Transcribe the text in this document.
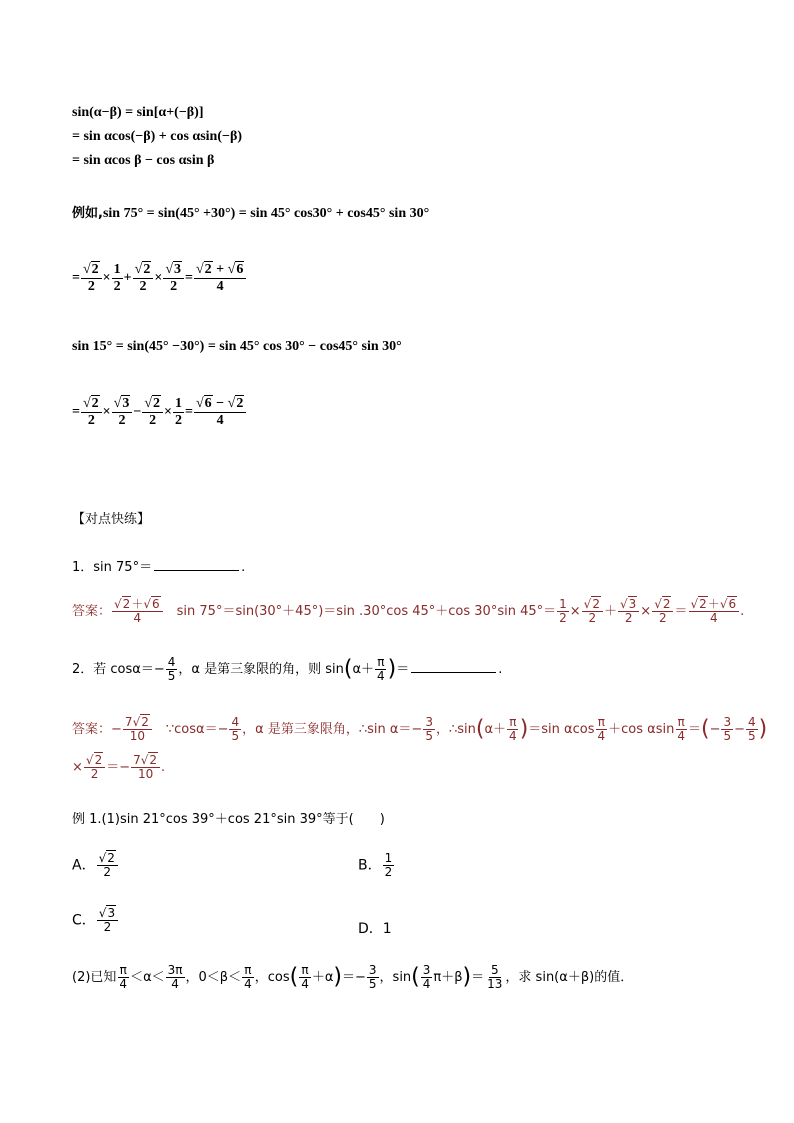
sin(α−β) = sin[α+(−β)]
= sin αcos(−β) + cos αsin(−β)
= sin αcos β − cos αsin β
例如,sin 75° = sin(45° +30°) = sin 45° cos30° + cos45° sin 30°
= √ $\frac{2}{2} \times \frac{1}{2}$ + √ $\frac{2}{2}$ × √ $\frac{3}{2}$ = √ $\frac{2 + √ 6}{4}$
sin 15° = sin(45° −30°) = sin 45° cos 30° − cos45° sin 30°
= √ $\frac{2}{2}$ × √ $\frac{3}{2}$ − √ $\frac{2}{2} \times \frac{1}{2}$ = √ $\frac{6 - √ 2}{4}$
【对点快练】
1．sin 75°＝	.
答案： √ $\frac{2+ √ 6}{4}$
　 sin 75°＝sin(30°＋45°)＝sin .30°cos 45°＋cos 30°sin $45^\circ= \frac{1}{2}$ × √ $\frac{2}{2}$ ＋ √ $\frac{3}{2}$ × √ $\frac{2}{2}$ ＝ √ $\frac{2+ √ 6}{4}$ .
2．若 $\cos\alpha=- \frac{4}{5}$ ，α 是第三象限的角，则 $\sin(\alpha+ \frac{\pi}{4}$ )＝	.
答案：− $\frac{7 √ 2}{10}$
　 ∵cosα＝− $\frac{4}{5}$ ，α 是第三象限角，∴sin $\alpha=- \frac{3}{5}$ ，∴sin(α＋ $\frac{\pi}{4} )=\sin$ αcos $\frac{\pi}{4} +\cos$ αsin $\frac{\pi}{4}$ ＝(− $\frac{3}{5} - \frac{4}{5}$ )
× √ $\frac{2}{2} =- \frac{7 √ 2}{10}$ .
例 1.(1)sin 21°cos 39°＋cos 21°sin 39°等于(　　)
A． √ $\frac{2}{2}$	B． $\frac{1}{2}$
C． √ $\frac{3}{2}$	D．1
(2)已知 $\frac{\pi}{4} <\alpha< \frac{3\pi}{4}$ ，$0<\beta< \frac{\pi}{4}$ ，$\cos( \frac{\pi}{4} +\alpha)=- \frac{3}{5}$ ，$\sin( \frac{3}{4} \pi+\beta)= \frac{5}{13}$ ，求 sin(α＋β)的值．
